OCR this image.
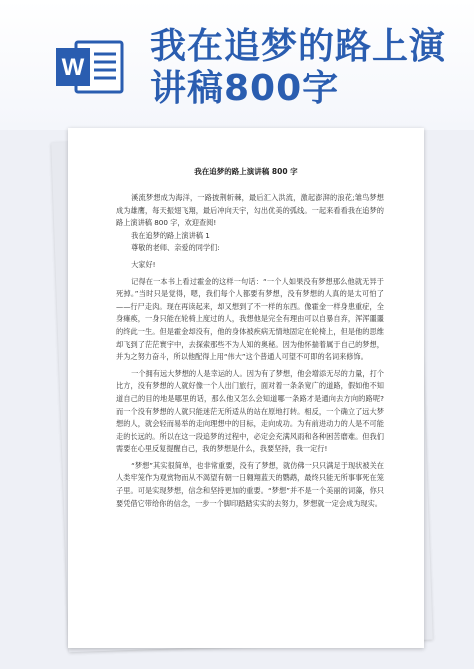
W
我在追梦的路上演讲稿800字
我在追梦的路上演讲稿 800 字

溪流梦想成为海洋，一路披荆斩棘，最后汇入洪流，激起澎湃的浪花;雏鸟梦想成为雄鹰，每天振翅飞翔，最后冲向天宇，勾出优美的弧线。一起来看看我在追梦的路上演讲稿 800 字，欢迎查阅!

我在追梦的路上演讲稿 1

尊敬的老师、亲爱的同学们:

大家好!

记得在一本书上看过霍金的这样一句话：“一个人如果没有梦想那么他就无异于死掉。”当时只是觉得，嗯，我们每个人都要有梦想，没有梦想的人真的是太可怕了——行尸走肉。现在再读起来，却又想到了不一样的东西。像霍金一样身患重症，全身瘫痪，一身只能在轮椅上度过的人，我想他是完全有理由可以自暴自弃，浑浑噩噩的终此一生。但是霍金却没有，他的身体被疾病无情地固定在轮椅上，但是他的思维却飞到了茫茫寰宇中，去探索那些不为人知的奥秘。因为他怀揣着属于自己的梦想，并为之努力奋斗，所以他配得上用“伟大”这个普通人可望不可即的名词来修饰。

一个拥有远大梦想的人是幸运的人。因为有了梦想，他会增添无尽的力量，打个比方，没有梦想的人就好像一个人出门旅行，面对着一条条宽广的道路，假如他不知道自己的目的地是哪里的话，那么他又怎么会知道哪一条路才是通向去方向的路呢?而一个没有梦想的人就只能迷茫无所适从的站在原地打转。相反，一个确立了远大梦想的人，就会轻而易举的走向理想中的目标，走向成功。为有前进动力的人是不可能走的长远的。所以在这一段追梦的过程中，必定会充满风雨和各种困苦磨难。但我们需要在心里反复提醒自己，我的梦想是什么，我要坚持，我一定行!

“梦想”其实很简单，也非常重要，没有了梦想，就仿佛一只只满足于现状被关在人类牢笼作为观赏物而从不渴望有朝一日翱翔蓝天的鹦鹉，最终只能无所事事死在笼子里。可是实现梦想，信念和坚持更加的重要。“梦想”并不是一个美丽的词藻，你只要凭借它带给你的信念，一步一个脚印踏踏实实的去努力，梦想就一定会成为现实。
